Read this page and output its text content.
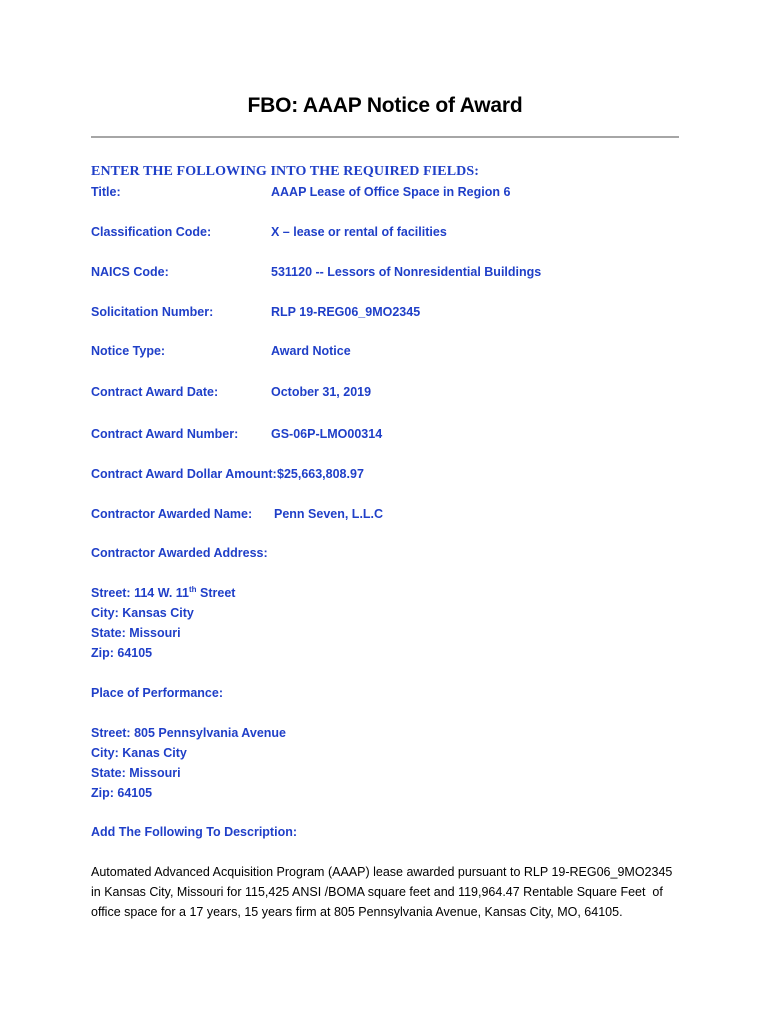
FBO: AAAP Notice of Award
ENTER THE FOLLOWING INTO THE REQUIRED FIELDS:
Title:	AAAP Lease of Office Space in Region 6
Classification Code:	X – lease or rental of facilities
NAICS Code:	531120 -- Lessors of Nonresidential Buildings
Solicitation Number:	RLP 19-REG06_9MO2345
Notice Type:	Award Notice
Contract Award Date:	October 31, 2019
Contract Award Number:	GS-06P-LMO00314
Contract Award Dollar Amount: $25,663,808.97
Contractor Awarded Name: Penn Seven, L.L.C
Contractor Awarded Address:
Street: 114 W. 11th Street
City: Kansas City
State: Missouri
Zip: 64105
Place of Performance:
Street: 805 Pennsylvania Avenue
City: Kanas City
State: Missouri
Zip: 64105
Add The Following To Description:
Automated Advanced Acquisition Program (AAAP) lease awarded pursuant to RLP 19-REG06_9MO2345
in Kansas City, Missouri for 115,425 ANSI /BOMA square feet and 119,964.47 Rentable Square Feet  of
office space for a 17 years, 15 years firm at 805 Pennsylvania Avenue, Kansas City, MO, 64105.
